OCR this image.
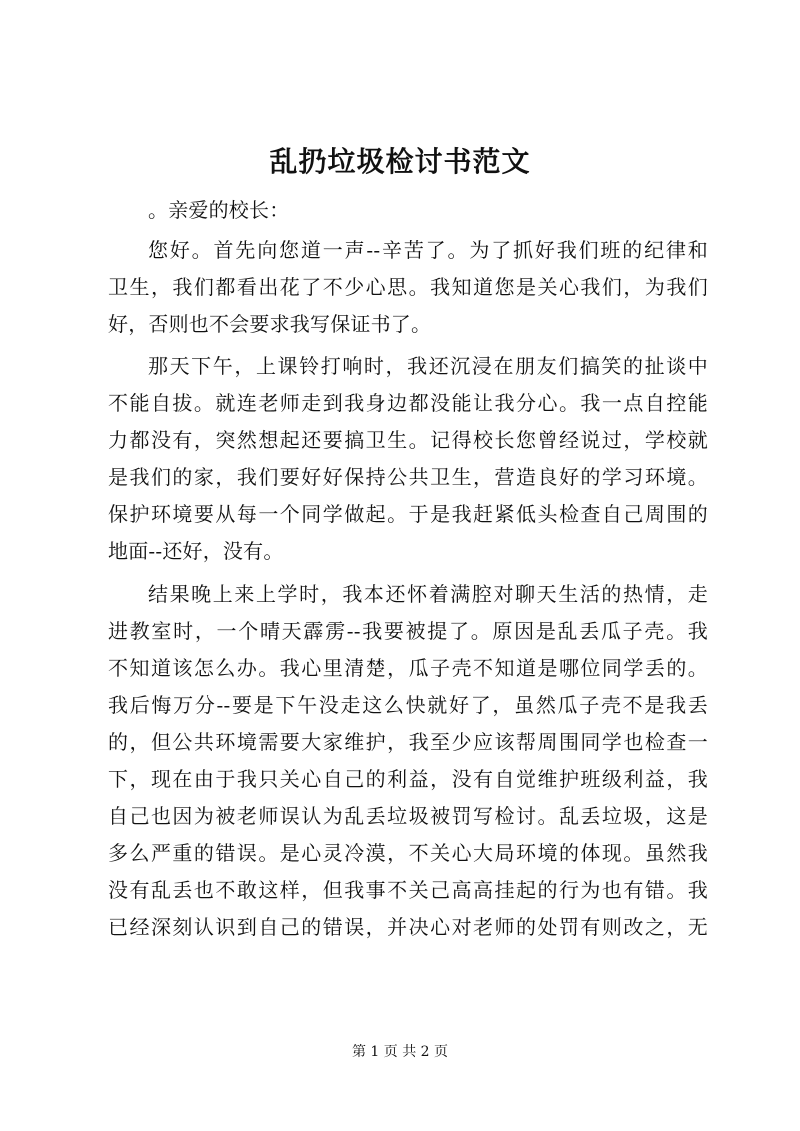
乱扔垃圾检讨书范文
。亲爱的校长：
您好。首先向您道一声--辛苦了。为了抓好我们班的纪律和
卫生，我们都看出花了不少心思。我知道您是关心我们，为我们
好，否则也不会要求我写保证书了。
那天下午，上课铃打响时，我还沉浸在朋友们搞笑的扯谈中
不能自拔。就连老师走到我身边都没能让我分心。我一点自控能
力都没有，突然想起还要搞卫生。记得校长您曾经说过，学校就
是我们的家，我们要好好保持公共卫生，营造良好的学习环境。
保护环境要从每一个同学做起。于是我赶紧低头检查自己周围的
地面--还好，没有。
结果晚上来上学时，我本还怀着满腔对聊天生活的热情，走
进教室时，一个晴天霹雳--我要被提了。原因是乱丢瓜子壳。我
不知道该怎么办。我心里清楚，瓜子壳不知道是哪位同学丢的。
我后悔万分--要是下午没走这么快就好了，虽然瓜子壳不是我丢
的，但公共环境需要大家维护，我至少应该帮周围同学也检查一
下，现在由于我只关心自己的利益，没有自觉维护班级利益，我
自己也因为被老师误认为乱丢垃圾被罚写检讨。乱丢垃圾，这是
多么严重的错误。是心灵冷漠，不关心大局环境的体现。虽然我
没有乱丢也不敢这样，但我事不关己高高挂起的行为也有错。我
已经深刻认识到自己的错误，并决心对老师的处罚有则改之，无
第 1 页 共 2 页
